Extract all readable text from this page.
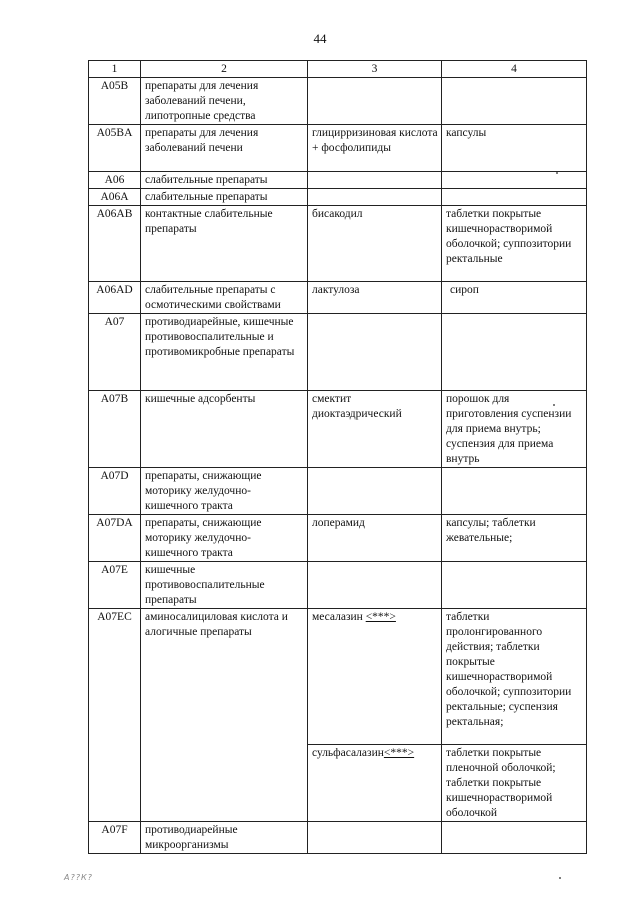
44
1	2	3	4
A05B	препараты для лечения заболеваний печени, липотропные средства		
A05BA	препараты для лечения заболеваний печени	глицирризиновая кислота + фосфолипиды	капсулы
A06	слабительные препараты		
A06A	слабительные препараты		
A06AB	контактные слабительные препараты	бисакодил	таблетки покрытые кишечнорастворимой оболочкой; суппозитории ректальные
A06AD	слабительные препараты с осмотическими свойствами	лактулоза	сироп
A07	противодиарейные, кишечные противовоспалительные и противомикробные препараты		
A07B	кишечные адсорбенты	смектит диоктаэдрический	порошок для приготовления суспензии для приема внутрь; суспензия для приема внутрь
A07D	препараты, снижающие моторику желудочно-кишечного тракта		
A07DA	препараты, снижающие моторику желудочно-кишечного тракта	лоперамид	капсулы; таблетки жевательные;
A07E	кишечные противовоспалительные препараты		
A07EC	аминосалициловая кислота и алогичные препараты	месалазин <***>	таблетки пролонгированного действия; таблетки покрытые кишечнорастворимой оболочкой; суппозитории ректальные; суспензия ректальная;
		сульфасалазин<***>	таблетки покрытые пленочной оболочкой; таблетки покрытые кишечнорастворимой оболочкой
A07F	противодиарейные микроорганизмы		
А??К?
